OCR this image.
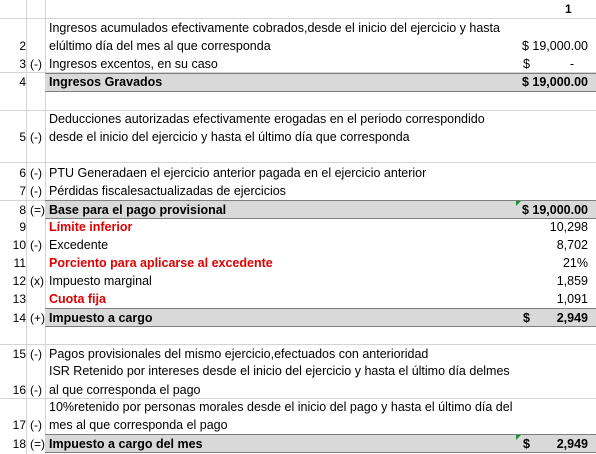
1
Ingresos acumulados efectivamente cobrados,desde el inicio del ejercicio y hasta
2 elúltimo día del mes al que corresponda	$ 19,000.00
3 (-) Ingresos excentos, en su caso	$	-
4 Ingresos Gravados	$ 19,000.00
Deducciones autorizadas efectivamente erogadas en el periodo correspondido
5 (-) desde el inicio del ejercicio y hasta el último día que corresponda
6 (-) PTU Generadaen el ejercicio anterior pagada en el ejercicio anterior
7 (-) Pérdidas fiscalesactualizadas de ejercicios
8 (=) Base para el pago provisional	$ 19,000.00
9 Límite inferior	10,298
10 (-) Excedente	8,702
11 Porciento para aplicarse al excedente	21%
12 (x) Impuesto marginal	1,859
13 Cuota fija	1,091
14 (+) Impuesto a cargo	$ 2,949
15 (-) Pagos provisionales del mismo ejercicio,efectuados con anterioridad
ISR Retenido por intereses desde el inicio del ejercicio y hasta el último día delmes
16 (-) al que corresponda el pago
10%retenido por personas morales desde el inicio del pago y hasta el último día del
17 (-) mes al que corresponda el pago
18 (=) Impuesto a cargo del mes	$ 2,949
